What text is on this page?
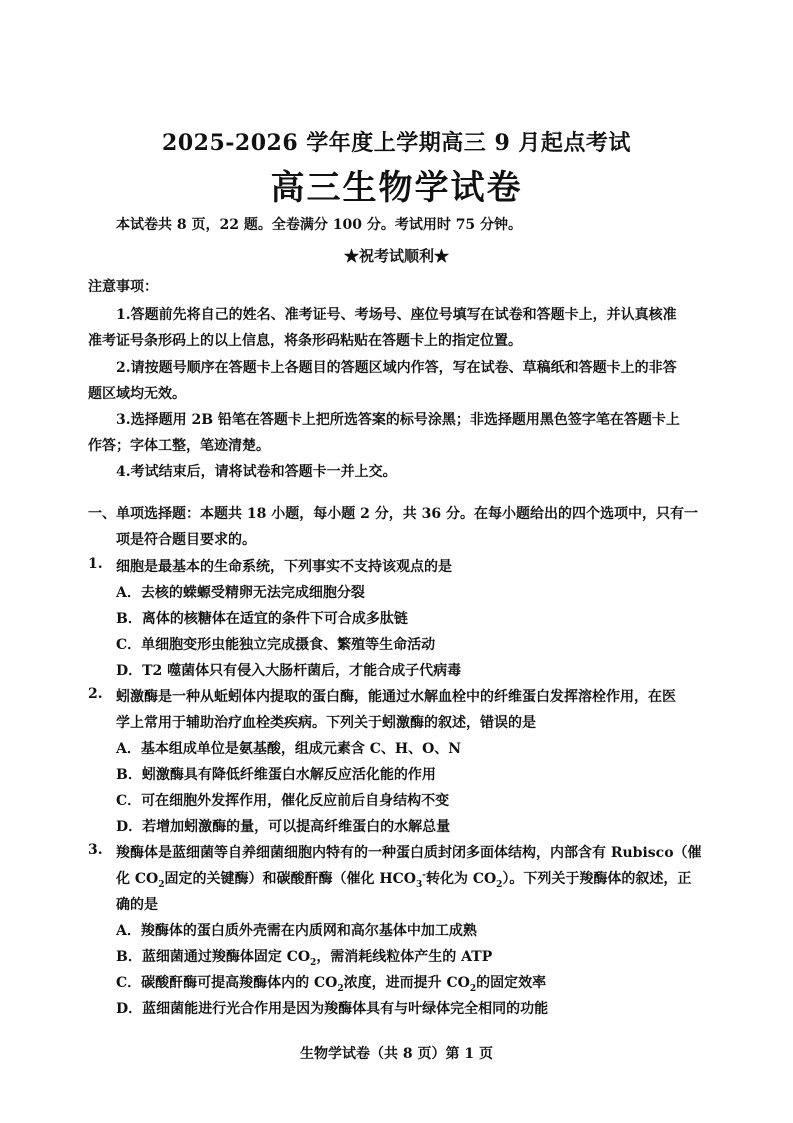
2025-2026 学年度上学期高三 9 月起点考试
高三生物学试卷
本试卷共 8 页，22 题。全卷满分 100 分。考试用时 75 分钟。
★祝考试顺利★
注意事项：
1.答题前先将自己的姓名、准考证号、考场号、座位号填写在试卷和答题卡上，并认真核准
准考证号条形码上的以上信息，将条形码粘贴在答题卡上的指定位置。
2.请按题号顺序在答题卡上各题目的答题区域内作答，写在试卷、草稿纸和答题卡上的非答
题区域均无效。
3.选择题用 2B 铅笔在答题卡上把所选答案的标号涂黑；非选择题用黑色签字笔在答题卡上
作答；字体工整，笔迹清楚。
4.考试结束后，请将试卷和答题卡一并上交。
一、单项选择题：本题共 18 小题，每小题 2 分，共 36 分。在每小题给出的四个选项中，只有一
项是符合题目要求的。
1. 细胞是最基本的生命系统，下列事实不支持该观点的是
A．去核的蝾螈受精卵无法完成细胞分裂
B．离体的核糖体在适宜的条件下可合成多肽链
C．单细胞变形虫能独立完成摄食、繁殖等生命活动
D．T2 噬菌体只有侵入大肠杆菌后，才能合成子代病毒
2. 蚓激酶是一种从蚯蚓体内提取的蛋白酶，能通过水解血栓中的纤维蛋白发挥溶栓作用，在医
学上常用于辅助治疗血栓类疾病。下列关于蚓激酶的叙述，错误的是
A．基本组成单位是氨基酸，组成元素含 C、H、O、N
B．蚓激酶具有降低纤维蛋白水解反应活化能的作用
C．可在细胞外发挥作用，催化反应前后自身结构不变
D．若增加蚓激酶的量，可以提高纤维蛋白的水解总量
3. 羧酶体是蓝细菌等自养细菌细胞内特有的一种蛋白质封闭多面体结构，内部含有 Rubisco（催
化 $CO_2$固定的关键酶）和碳酸酐酶（催化 $HCO_3^-$转化为 $CO_2$）。下列关于羧酶体的叙述，正
确的是
A．羧酶体的蛋白质外壳需在内质网和高尔基体中加工成熟
B．蓝细菌通过羧酶体固定 $CO_2$，需消耗线粒体产生的 ATP
C．碳酸酐酶可提高羧酶体内的 $CO_2$浓度，进而提升 $CO_2$的固定效率
D．蓝细菌能进行光合作用是因为羧酶体具有与叶绿体完全相同的功能
生物学试卷（共 8 页）第 1 页
